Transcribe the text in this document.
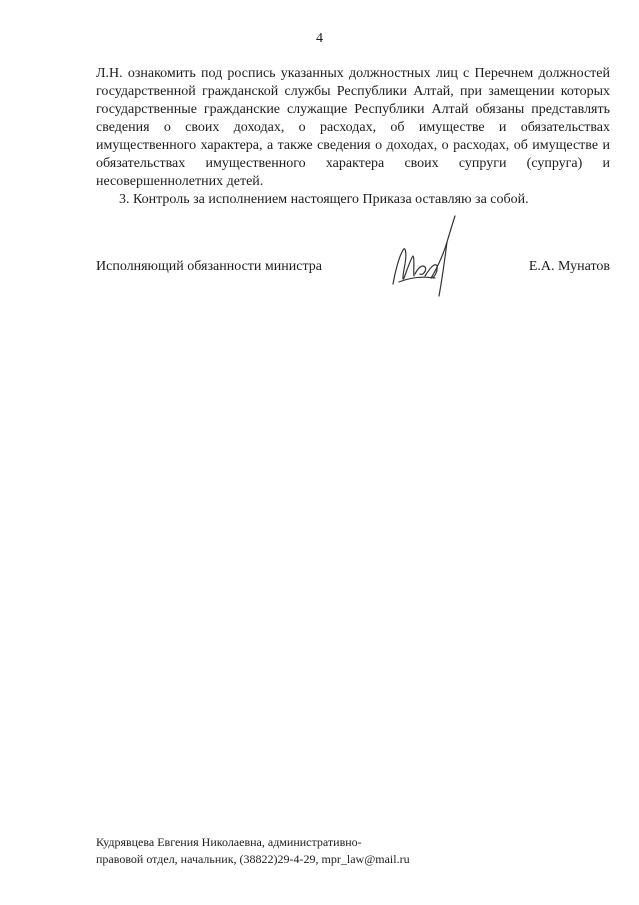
4

Л.Н. ознакомить под роспись указанных должностных лиц с Перечнем должностей государственной гражданской службы Республики Алтай, при замещении которых государственные гражданские служащие Республики Алтай обязаны представлять сведения о своих доходах, о расходах, об имуществе и обязательствах имущественного характера, а также сведения о доходах, о расходах, об имуществе и обязательствах имущественного характера своих супруги (супруга) и несовершеннолетних детей.

3. Контроль за исполнением настоящего Приказа оставляю за собой.

Исполняющий обязанности министра	Е.А. Мунатов
Кудрявцева Евгения Николаевна, административно-
правовой отдел, начальник, (38822)29-4-29, mpr_law@mail.ru
